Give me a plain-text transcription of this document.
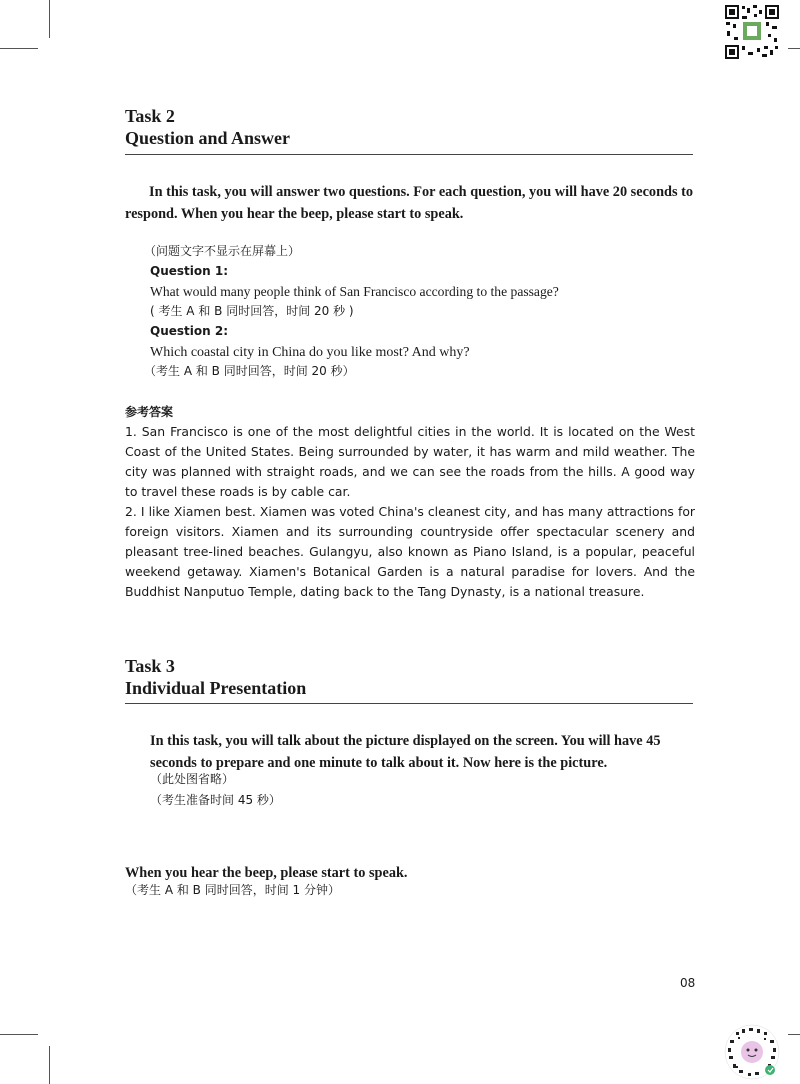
Task 2
Question and Answer
In this task, you will answer two questions. For each question, you will have 20 seconds to respond. When you hear the beep, please start to speak.
（问题文字不显示在屏幕上）
Question 1:
What would many people think of San Francisco according to the passage?
( 考生 A 和 B 同时回答，时间 20 秒 )
Question 2:
Which coastal city in China do you like most? And why?
（考生 A 和 B 同时回答，时间 20 秒）
参考答案

1. San Francisco is one of the most delightful cities in the world. It is located on the West Coast of the United States. Being surrounded by water, it has warm and mild weather. The city was planned with straight roads, and we can see the roads from the hills. A good way to travel these roads is by cable car.

2. I like Xiamen best. Xiamen was voted China's cleanest city, and has many attractions for foreign visitors. Xiamen and its surrounding countryside offer spectacular scenery and pleasant tree-lined beaches. Gulangyu, also known as Piano Island, is a popular, peaceful weekend getaway. Xiamen's Botanical Garden is a natural paradise for lovers. And the Buddhist Nanputuo Temple, dating back to the Tang Dynasty, is a national treasure.

Task 3
Individual Presentation
In this task, you will talk about the picture displayed on the screen. You will have 45 seconds to prepare and one minute to talk about it. Now here is the picture.
（此处图省略）
（考生准备时间 45 秒）
When you hear the beep, please start to speak.
（考生 A 和 B 同时回答，时间 1 分钟）
08
